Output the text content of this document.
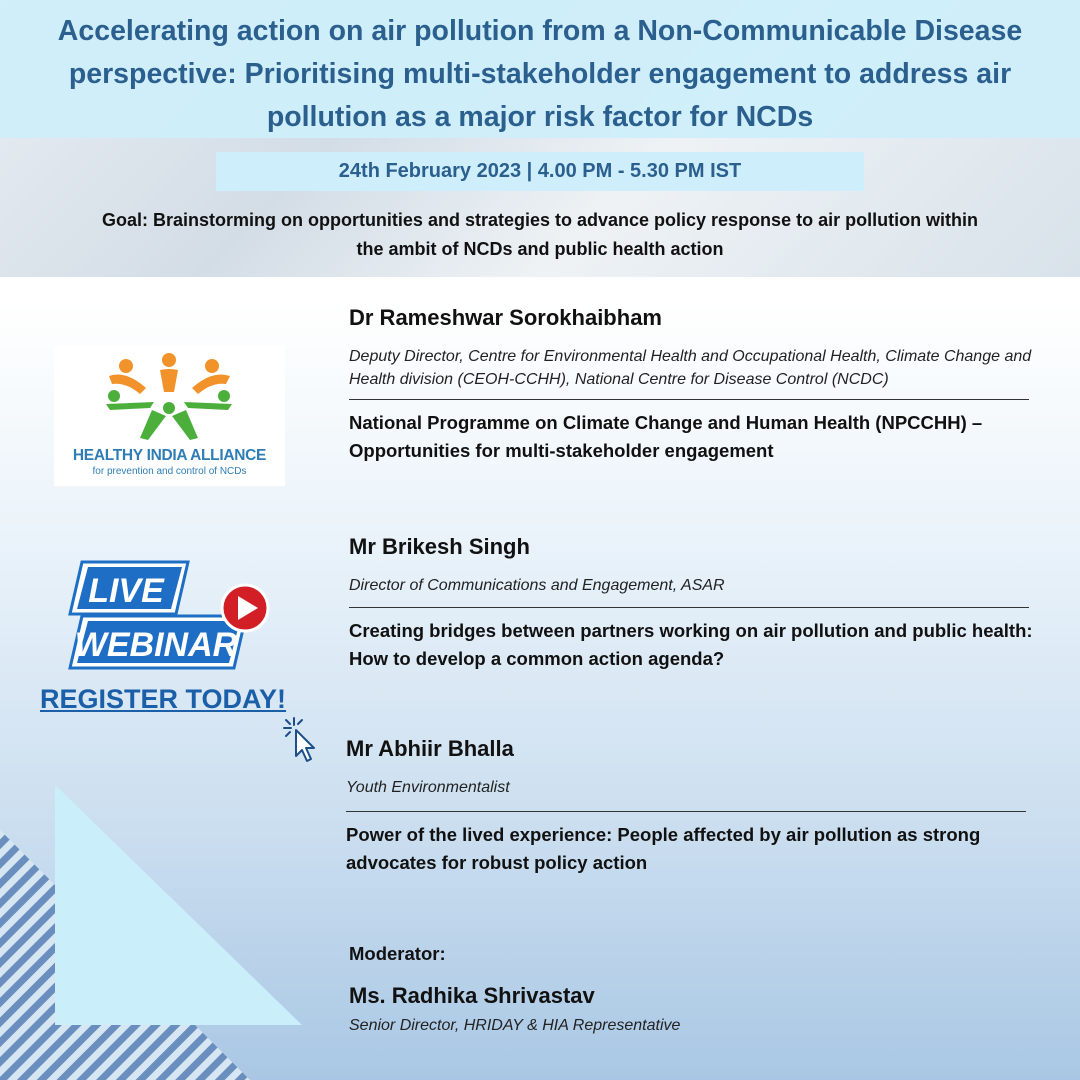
Accelerating action on air pollution from a Non-Communicable Disease perspective: Prioritising multi-stakeholder engagement to address air pollution as a major risk factor for NCDs
24th February 2023 | 4.00 PM - 5.30 PM IST

Goal: Brainstorming on opportunities and strategies to advance policy response to air pollution within the ambit of NCDs and public health action

HEALTHY INDIA ALLIANCE
for prevention and control of NCDs
LIVE
WEBINAR
REGISTER TODAY!

Dr Rameshwar Sorokhaibham

Deputy Director, Centre for Environmental Health and Occupational Health, Climate Change and Health division (CEOH-CCHH), National Centre for Disease Control (NCDC)

National Programme on Climate Change and Human Health (NPCCHH) – Opportunities for multi-stakeholder engagement

Mr Brikesh Singh

Director of Communications and Engagement, ASAR

Creating bridges between partners working on air pollution and public health: How to develop a common action agenda?

Mr Abhiir Bhalla

Youth Environmentalist

Power of the lived experience: People affected by air pollution as strong advocates for robust policy action

Moderator:
Ms. Radhika Shrivastav
Senior Director, HRIDAY & HIA Representative
